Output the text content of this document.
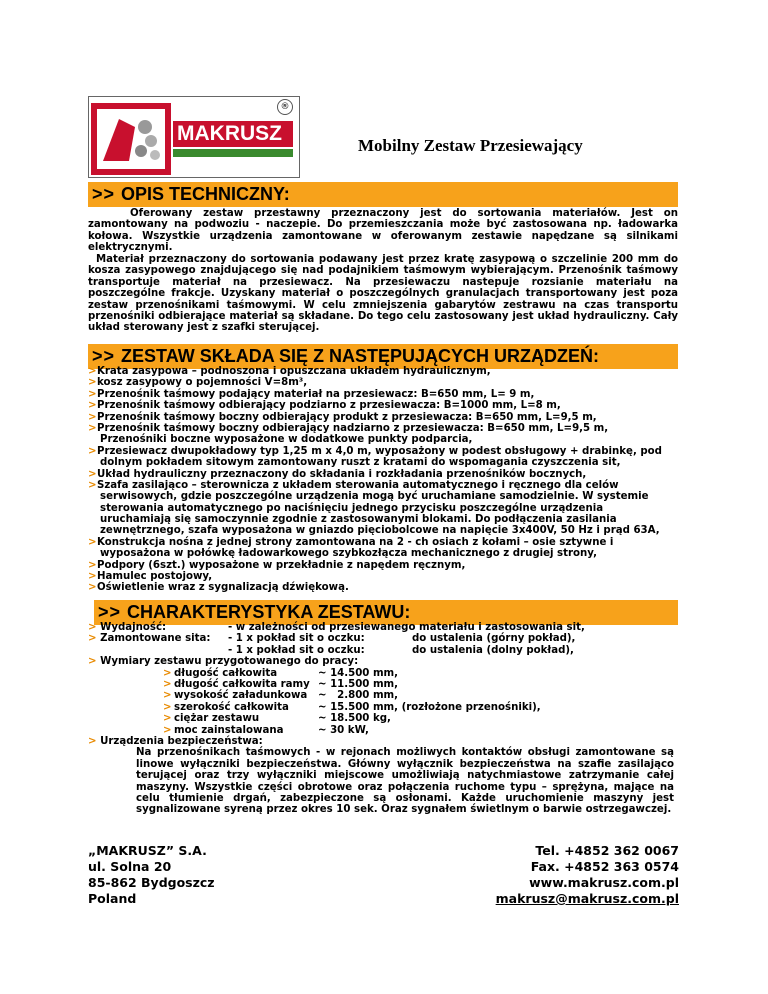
MAKRUSZ
®
Mobilny Zestaw Przesiewający
>> OPIS TECHNICZNY:
Oferowany zestaw przestawny przeznaczony jest do sortowania materiałów. Jest on zamontowany na podwoziu - naczepie. Do przemieszczania może być zastosowana np. ładowarka kołowa. Wszystkie urządzenia zamontowane w oferowanym zestawie napędzane są silnikami elektrycznymi.
Materiał przeznaczony do sortowania podawany jest przez kratę zasypową o szczelinie 200 mm do kosza zasypowego znajdującego się nad podajnikiem taśmowym wybierającym. Przenośnik taśmowy transportuje materiał na przesiewacz. Na przesiewaczu nastepuje rozsianie materiału na poszczególne frakcje. Uzyskany materiał o poszczególnych granulacjach transportowany jest poza zestaw przenośnikami taśmowymi. W celu zmniejszenia gabarytów zestrawu na czas transportu przenośniki odbierające materiał są składane. Do tego celu zastosowany jest układ hydrauliczny. Cały układ sterowany jest z szafki sterującej.
>> ZESTAW SKŁADA SIĘ Z NASTĘPUJĄCYCH URZĄDZEŃ:
>Krata zasypowa – podnoszona i opuszczana układem hydraulicznym,
>kosz zasypowy o pojemności V=8m³,
>Przenośnik taśmowy podający materiał na przesiewacz: B=650 mm, L= 9 m,
>Przenośnik taśmowy odbierający podziarno z przesiewacza: B=1000 mm, L=8 m,
>Przenośnik taśmowy boczny odbierający produkt z przesiewacza: B=650 mm, L=9,5 m,
>Przenośnik taśmowy boczny odbierający nadziarno z przesiewacza: B=650 mm, L=9,5 m,
Przenośniki boczne wyposażone w dodatkowe punkty podparcia,
>Przesiewacz dwupokładowy typ 1,25 m x 4,0 m, wyposażony w podest obsługowy + drabinkę, pod
dolnym pokładem sitowym zamontowany ruszt z kratami do wspomagania czyszczenia sit,
>Układ hydrauliczny przeznaczony do składania i rozkładania przenośników bocznych,
>Szafa zasilająco – sterownicza z układem sterowania automatycznego i ręcznego dla celów
serwisowych, gdzie poszczególne urządzenia mogą być uruchamiane samodzielnie. W systemie
sterowania automatycznego po naciśnięciu jednego przycisku poszczególne urządzenia
uruchamiają się samoczynnie zgodnie z zastosowanymi blokami. Do podłączenia zasilania
zewnętrznego, szafa wyposażona w gniazdo pięciobolcowe na napięcie 3x400V, 50 Hz i prąd 63A,
>Konstrukcja nośna z jednej strony zamontowana na 2 - ch osiach z kołami – osie sztywne i
wyposażona w połówkę ładowarkowego szybkozłącza mechanicznego z drugiej strony,
>Podpory (6szt.) wyposażone w przekładnie z napędem ręcznym,
>Hamulec postojowy,
>Oświetlenie wraz z sygnalizacją dźwiękową.
>> CHARAKTERYSTYKA ZESTAWU:
> Wydajność:	- w zależności od przesiewanego materiału i zastosowania sit,
> Zamontowane sita: - 1 x pokład sit o oczku:	do ustalenia (górny pokład),
- 1 x pokład sit o oczku:	do ustalenia (dolny pokład),
> Wymiary zestawu przygotowanego do pracy:
> długość całkowita	~ 14.500 mm,
> długość całkowita ramy ~ 11.500 mm,
> wysokość załadunkowa ~   2.800 mm,
> szerokość całkowita	~ 15.500 mm, (rozłożone przenośniki),
> ciężar zestawu	~ 18.500 kg,
> moc zainstalowana	~ 30 kW,
> Urządzenia bezpieczeństwa:
Na przenośnikach taśmowych - w rejonach możliwych kontaktów obsługi zamontowane są linowe wyłączniki bezpieczeństwa. Główny wyłącznik bezpieczeństwa na szafie zasilająco terującej oraz trzy wyłączniki miejscowe umożliwiają natychmiastowe zatrzymanie całej maszyny. Wszystkie części obrotowe oraz połączenia ruchome typu – sprężyna, mające na celu tłumienie drgań, zabezpieczone są osłonami. Każde uruchomienie maszyny jest sygnalizowane syreną przez okres 10 sek. Oraz sygnałem świetlnym o barwie ostrzegawczej.
„MAKRUSZ” S.A.
ul. Solna 20
85-862 Bydgoszcz
Poland
Tel. +4852 362 0067
Fax. +4852 363 0574
www.makrusz.com.pl
makrusz@makrusz.com.pl
